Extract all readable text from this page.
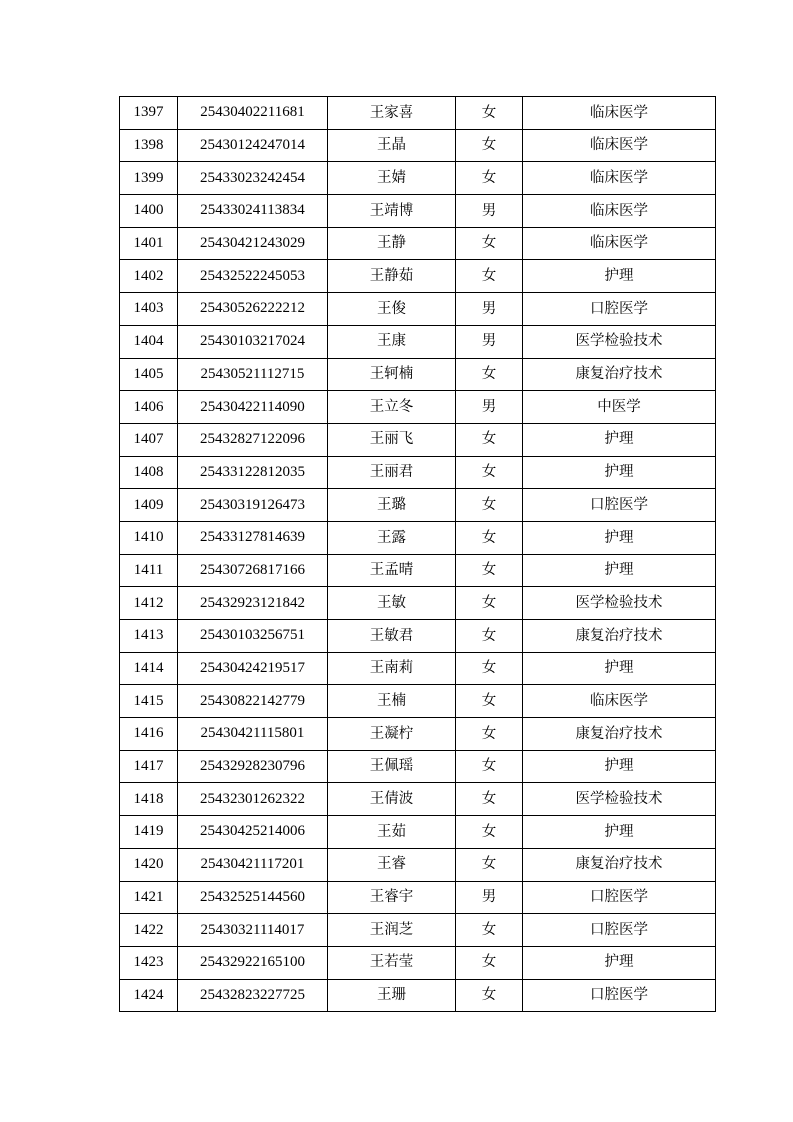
1397	25430402211681	王家喜	女	临床医学
1398	25430124247014	王晶	女	临床医学
1399	25433023242454	王婧	女	临床医学
1400	25433024113834	王靖博	男	临床医学
1401	25430421243029	王静	女	临床医学
1402	25432522245053	王静茹	女	护理
1403	25430526222212	王俊	男	口腔医学
1404	25430103217024	王康	男	医学检验技术
1405	25430521112715	王轲楠	女	康复治疗技术
1406	25430422114090	王立冬	男	中医学
1407	25432827122096	王丽飞	女	护理
1408	25433122812035	王丽君	女	护理
1409	25430319126473	王璐	女	口腔医学
1410	25433127814639	王露	女	护理
1411	25430726817166	王孟晴	女	护理
1412	25432923121842	王敏	女	医学检验技术
1413	25430103256751	王敏君	女	康复治疗技术
1414	25430424219517	王南莉	女	护理
1415	25430822142779	王楠	女	临床医学
1416	25430421115801	王凝柠	女	康复治疗技术
1417	25432928230796	王佩瑶	女	护理
1418	25432301262322	王倩波	女	医学检验技术
1419	25430425214006	王茹	女	护理
1420	25430421117201	王睿	女	康复治疗技术
1421	25432525144560	王睿宇	男	口腔医学
1422	25430321114017	王润芝	女	口腔医学
1423	25432922165100	王若莹	女	护理
1424	25432823227725	王珊	女	口腔医学
